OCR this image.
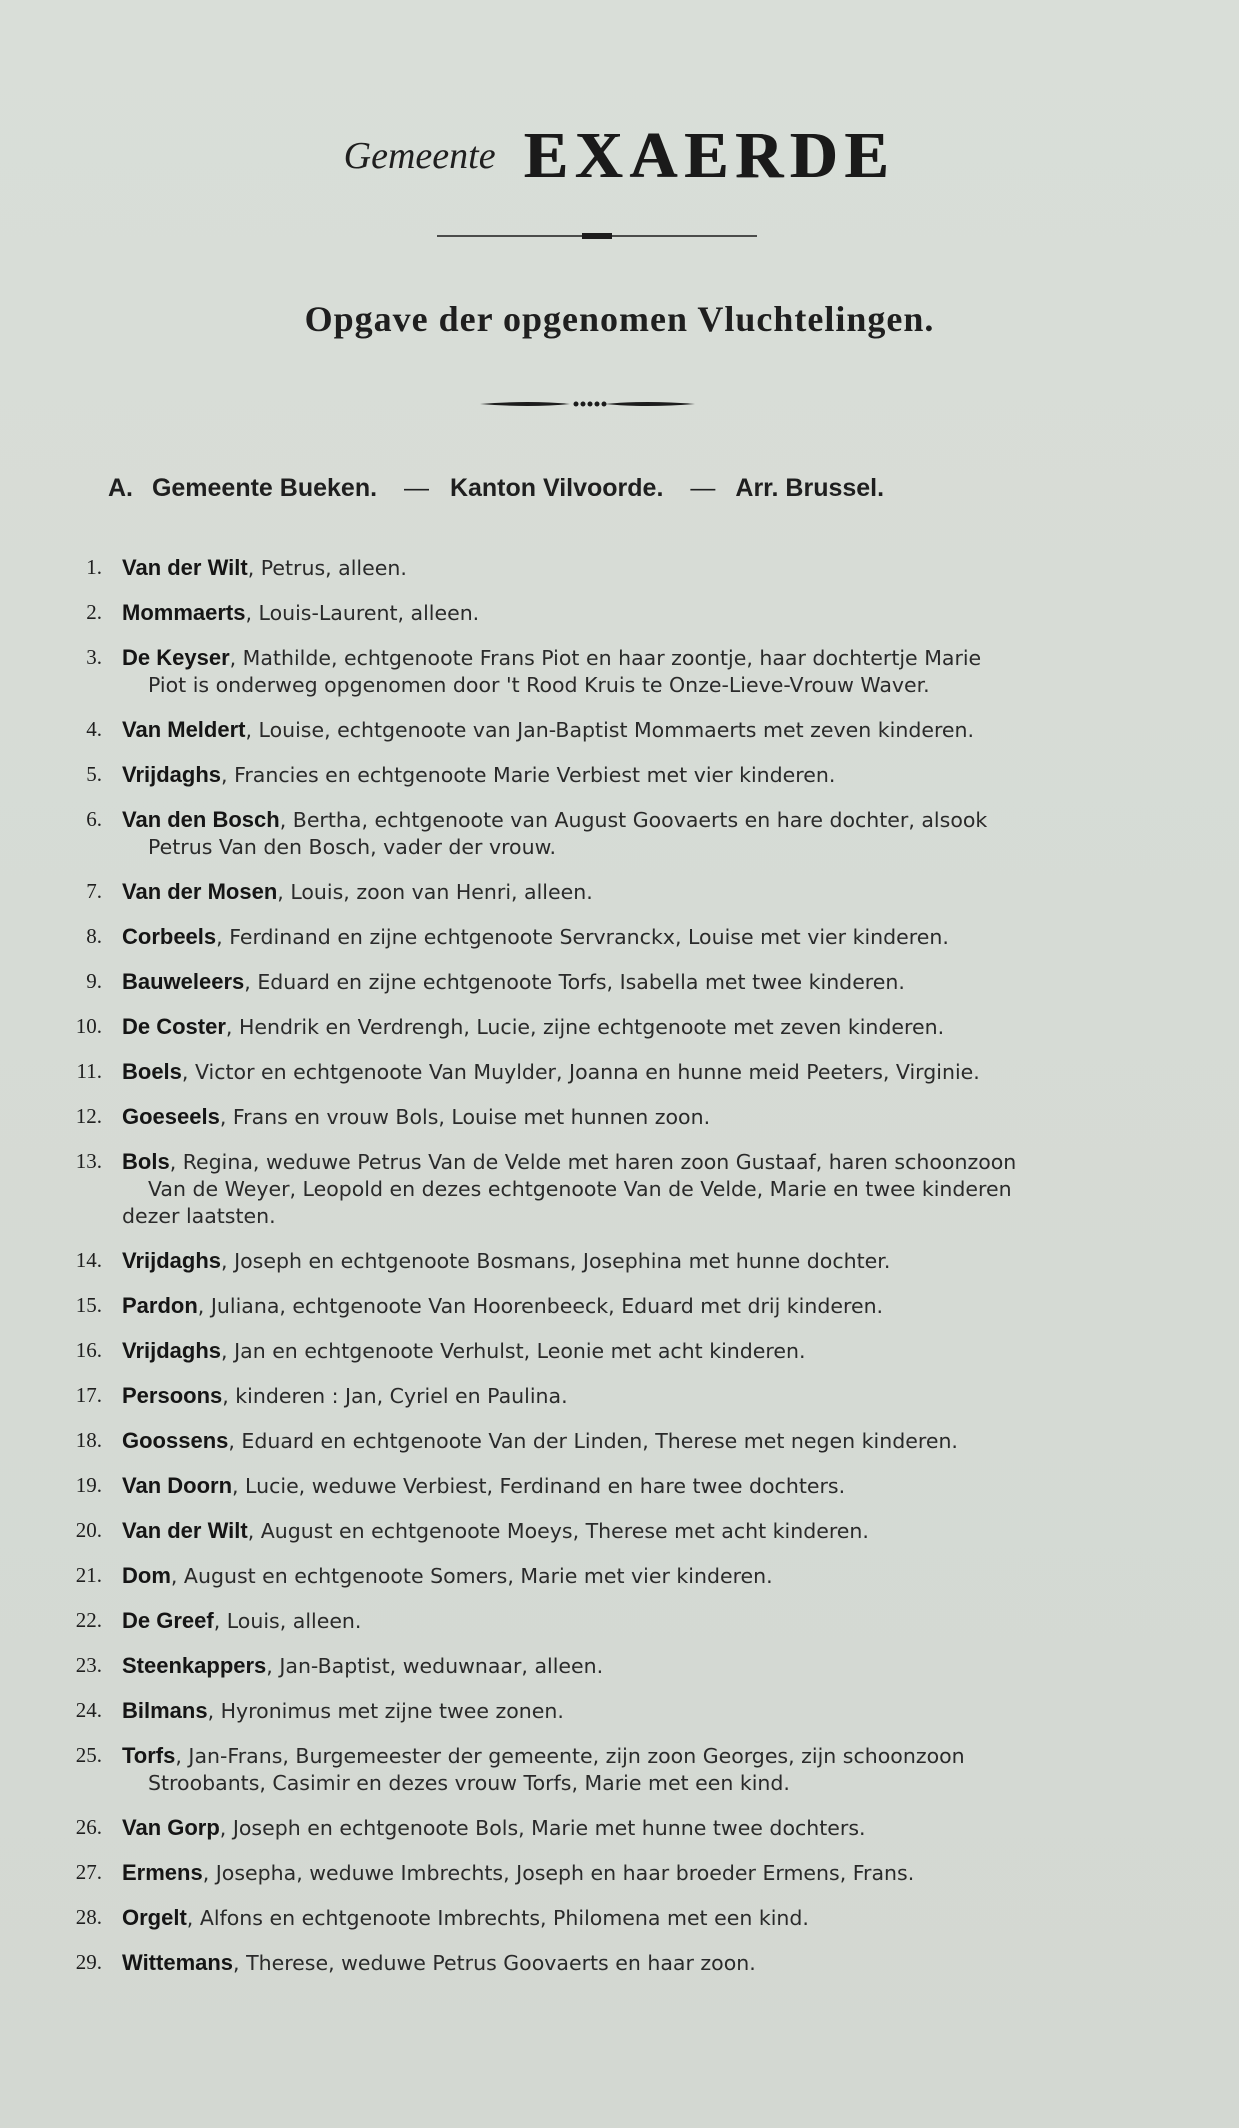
Gemeente EXAERDE
Opgave der opgenomen Vluchtelingen.
A. Gemeente Bueken. — Kanton Vilvoorde. — Arr. Brussel.
1. Van der Wilt, Petrus, alleen.
2. Mommaerts, Louis-Laurent, alleen.
3. De Keyser, Mathilde, echtgenoote Frans Piot en haar zoontje, haar dochtertje Marie
Piot is onderweg opgenomen door 't Rood Kruis te Onze-Lieve-Vrouw Waver.
4. Van Meldert, Louise, echtgenoote van Jan-Baptist Mommaerts met zeven kinderen.
5. Vrijdaghs, Francies en echtgenoote Marie Verbiest met vier kinderen.
6. Van den Bosch, Bertha, echtgenoote van August Goovaerts en hare dochter, alsook
Petrus Van den Bosch, vader der vrouw.
7. Van der Mosen, Louis, zoon van Henri, alleen.
8. Corbeels, Ferdinand en zijne echtgenoote Servranckx, Louise met vier kinderen.
9. Bauweleers, Eduard en zijne echtgenoote Torfs, Isabella met twee kinderen.
10. De Coster, Hendrik en Verdrengh, Lucie, zijne echtgenoote met zeven kinderen.
11. Boels, Victor en echtgenoote Van Muylder, Joanna en hunne meid Peeters, Virginie.
12. Goeseels, Frans en vrouw Bols, Louise met hunnen zoon.
13. Bols, Regina, weduwe Petrus Van de Velde met haren zoon Gustaaf, haren schoonzoon
Van de Weyer, Leopold en dezes echtgenoote Van de Velde, Marie en twee kinderen
dezer laatsten.
14. Vrijdaghs, Joseph en echtgenoote Bosmans, Josephina met hunne dochter.
15. Pardon, Juliana, echtgenoote Van Hoorenbeeck, Eduard met drij kinderen.
16. Vrijdaghs, Jan en echtgenoote Verhulst, Leonie met acht kinderen.
17. Persoons, kinderen : Jan, Cyriel en Paulina.
18. Goossens, Eduard en echtgenoote Van der Linden, Therese met negen kinderen.
19. Van Doorn, Lucie, weduwe Verbiest, Ferdinand en hare twee dochters.
20. Van der Wilt, August en echtgenoote Moeys, Therese met acht kinderen.
21. Dom, August en echtgenoote Somers, Marie met vier kinderen.
22. De Greef, Louis, alleen.
23. Steenkappers, Jan-Baptist, weduwnaar, alleen.
24. Bilmans, Hyronimus met zijne twee zonen.
25. Torfs, Jan-Frans, Burgemeester der gemeente, zijn zoon Georges, zijn schoonzoon
Stroobants, Casimir en dezes vrouw Torfs, Marie met een kind.
26. Van Gorp, Joseph en echtgenoote Bols, Marie met hunne twee dochters.
27. Ermens, Josepha, weduwe Imbrechts, Joseph en haar broeder Ermens, Frans.
28. Orgelt, Alfons en echtgenoote Imbrechts, Philomena met een kind.
29. Wittemans, Therese, weduwe Petrus Goovaerts en haar zoon.
